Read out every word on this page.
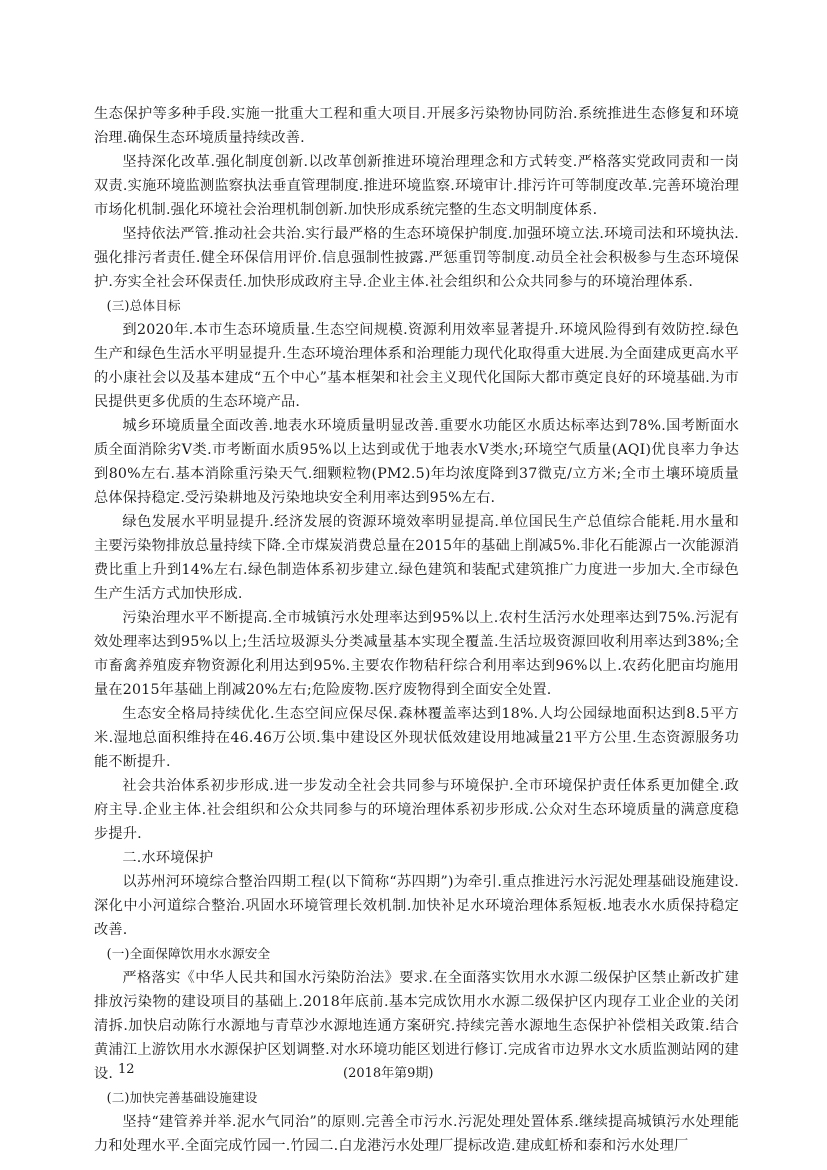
生态保护等多种手段.实施一批重大工程和重大项目.开展多污染物协同防治.系统推进生态修复和环境治理.确保生态环境质量持续改善.

坚持深化改革.强化制度创新.以改革创新推进环境治理理念和方式转变.严格落实党政同责和一岗双责.实施环境监测监察执法垂直管理制度.推进环境监察.环境审计.排污许可等制度改革.完善环境治理市场化机制.强化环境社会治理机制创新.加快形成系统完整的生态文明制度体系.

坚持依法严管.推动社会共治.实行最严格的生态环境保护制度.加强环境立法.环境司法和环境执法.强化排污者责任.健全环保信用评价.信息强制性披露.严惩重罚等制度.动员全社会积极参与生态环境保护.夯实全社会环保责任.加快形成政府主导.企业主体.社会组织和公众共同参与的环境治理体系.

(三)总体目标

到2020年.本市生态环境质量.生态空间规模.资源利用效率显著提升.环境风险得到有效防控.绿色生产和绿色生活水平明显提升.生态环境治理体系和治理能力现代化取得重大进展.为全面建成更高水平的小康社会以及基本建成“五个中心”基本框架和社会主义现代化国际大都市奠定良好的环境基础.为市民提供更多优质的生态环境产品.

城乡环境质量全面改善.地表水环境质量明显改善.重要水功能区水质达标率达到78%.国考断面水质全面消除劣Ⅴ类.市考断面水质95%以上达到或优于地表水Ⅴ类水;环境空气质量(AQI)优良率力争达到80%左右.基本消除重污染天气.细颗粒物(PM2.5)年均浓度降到37微克/立方米;全市土壤环境质量总体保持稳定.受污染耕地及污染地块安全利用率达到95%左右.

绿色发展水平明显提升.经济发展的资源环境效率明显提高.单位国民生产总值综合能耗.用水量和主要污染物排放总量持续下降.全市煤炭消费总量在2015年的基础上削减5%.非化石能源占一次能源消费比重上升到14%左右.绿色制造体系初步建立.绿色建筑和装配式建筑推广力度进一步加大.全市绿色生产生活方式加快形成.

污染治理水平不断提高.全市城镇污水处理率达到95%以上.农村生活污水处理率达到75%.污泥有效处理率达到95%以上;生活垃圾源头分类减量基本实现全覆盖.生活垃圾资源回收利用率达到38%;全市畜禽养殖废弃物资源化利用达到95%.主要农作物秸秆综合利用率达到96%以上.农药化肥亩均施用量在2015年基础上削减20%左右;危险废物.医疗废物得到全面安全处置.

生态安全格局持续优化.生态空间应保尽保.森林覆盖率达到18%.人均公园绿地面积达到8.5平方米.湿地总面积维持在46.46万公顷.集中建设区外现状低效建设用地减量21平方公里.生态资源服务功能不断提升.

社会共治体系初步形成.进一步发动全社会共同参与环境保护.全市环境保护责任体系更加健全.政府主导.企业主体.社会组织和公众共同参与的环境治理体系初步形成.公众对生态环境质量的满意度稳步提升.

二.水环境保护

以苏州河环境综合整治四期工程(以下简称“苏四期”)为牵引.重点推进污水污泥处理基础设施建设.深化中小河道综合整治.巩固水环境管理长效机制.加快补足水环境治理体系短板.地表水水质保持稳定改善.

(一)全面保障饮用水水源安全

严格落实《中华人民共和国水污染防治法》要求.在全面落实饮用水水源二级保护区禁止新改扩建排放污染物的建设项目的基础上.2018年底前.基本完成饮用水水源二级保护区内现存工业企业的关闭清拆.加快启动陈行水源地与青草沙水源地连通方案研究.持续完善水源地生态保护补偿相关政策.结合黄浦江上游饮用水水源保护区划调整.对水环境功能区划进行修订.完成省市边界水文水质监测站网的建设.

(二)加快完善基础设施建设

坚持“建管养并举.泥水气同治”的原则.完善全市污水.污泥处理处置体系.继续提高城镇污水处理能力和处理水平.全面完成竹园一.竹园二.白龙港污水处理厂提标改造.建成虹桥和泰和污水处理厂

12	(2018年第9期)
